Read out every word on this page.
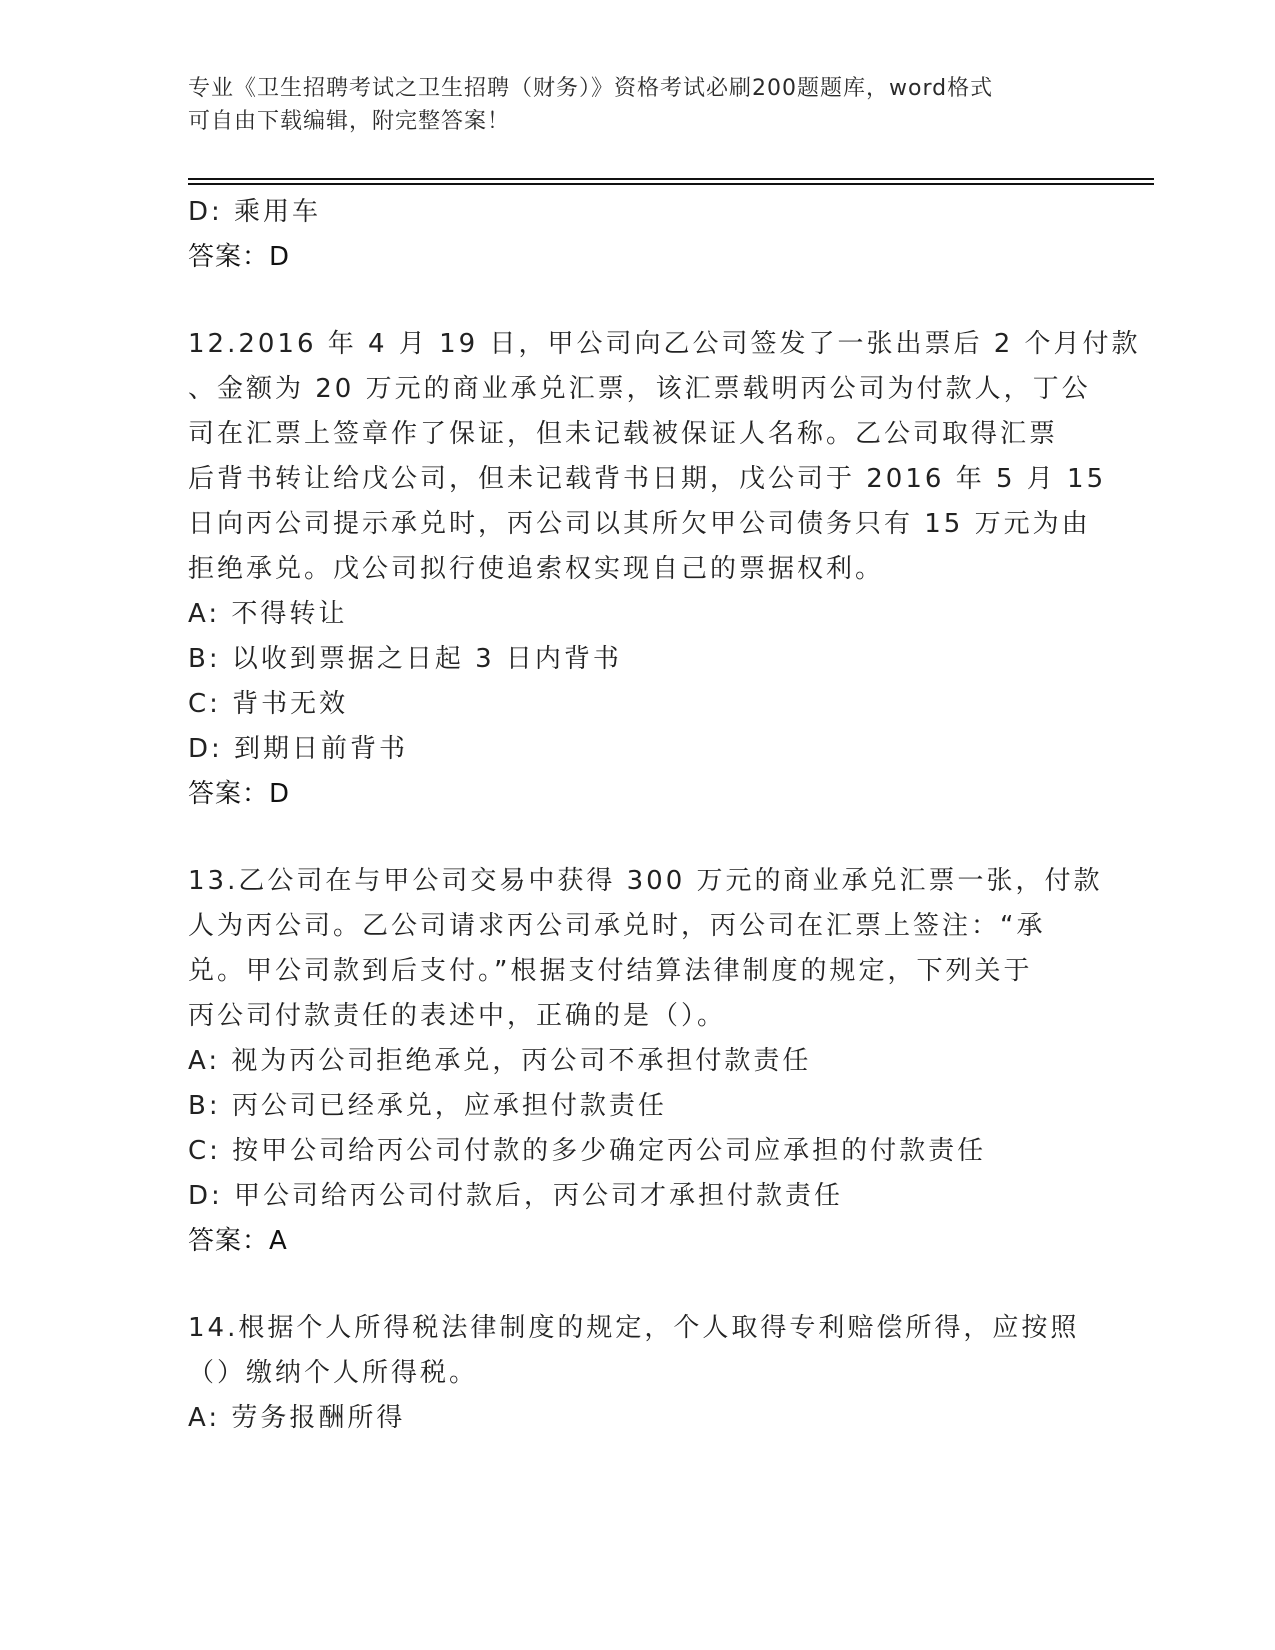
专业《卫生招聘考试之卫生招聘（财务）》资格考试必刷200题题库，word格式
可自由下载编辑，附完整答案！
D: 乘用车
答案：D
12.2016 年 4 月 19 日，甲公司向乙公司签发了一张出票后 2 个月付款
、金额为 20 万元的商业承兑汇票，该汇票载明丙公司为付款人，丁公
司在汇票上签章作了保证，但未记载被保证人名称。乙公司取得汇票
后背书转让给戊公司，但未记载背书日期，戊公司于 2016 年 5 月 15
日向丙公司提示承兑时，丙公司以其所欠甲公司债务只有 15 万元为由
拒绝承兑。戊公司拟行使追索权实现自己的票据权利。
A: 不得转让
B: 以收到票据之日起 3 日内背书
C: 背书无效
D: 到期日前背书
答案：D
13.乙公司在与甲公司交易中获得 300 万元的商业承兑汇票一张，付款
人为丙公司。乙公司请求丙公司承兑时，丙公司在汇票上签注：“承
兑。甲公司款到后支付。”根据支付结算法律制度的规定，下列关于
丙公司付款责任的表述中，正确的是（）。
A: 视为丙公司拒绝承兑，丙公司不承担付款责任
B: 丙公司已经承兑，应承担付款责任
C: 按甲公司给丙公司付款的多少确定丙公司应承担的付款责任
D: 甲公司给丙公司付款后，丙公司才承担付款责任
答案：A
14.根据个人所得税法律制度的规定，个人取得专利赔偿所得，应按照
（）缴纳个人所得税。
A: 劳务报酬所得
